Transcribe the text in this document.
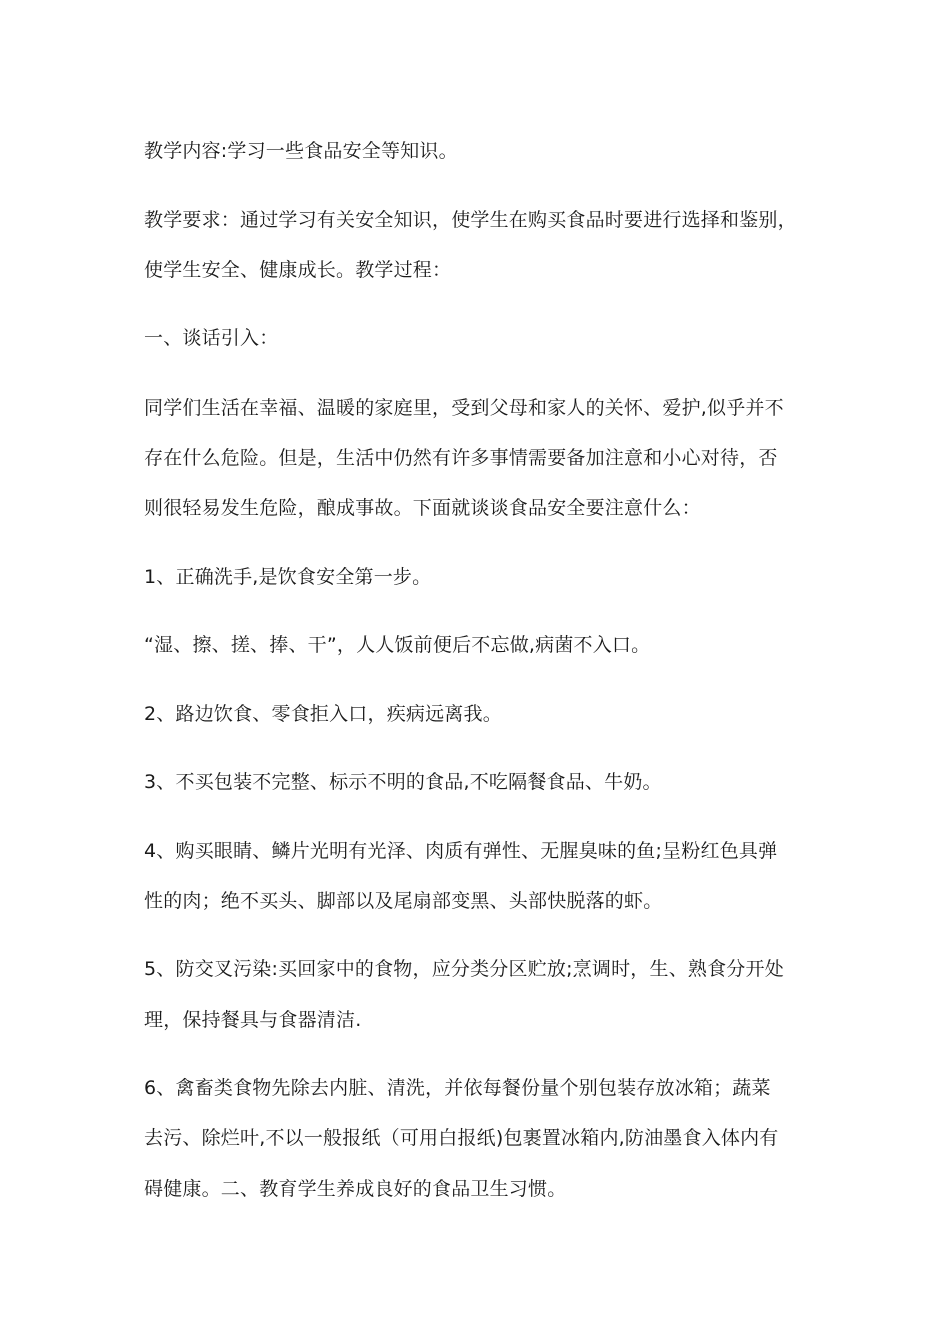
教学内容:学习一些食品安全等知识。
教学要求：通过学习有关安全知识，使学生在购买食品时要进行选择和鉴别，
使学生安全、健康成长。教学过程：
一、谈话引入：
同学们生活在幸福、温暖的家庭里，受到父母和家人的关怀、爱护,似乎并不
存在什么危险。但是，生活中仍然有许多事情需要备加注意和小心对待，否
则很轻易发生危险，酿成事故。下面就谈谈食品安全要注意什么：
1、正确洗手,是饮食安全第一步。
“湿、擦、搓、捧、干”，人人饭前便后不忘做,病菌不入口。
2、路边饮食、零食拒入口，疾病远离我。
3、不买包装不完整、标示不明的食品,不吃隔餐食品、牛奶。
4、购买眼睛、鳞片光明有光泽、肉质有弹性、无腥臭味的鱼;呈粉红色具弹
性的肉；绝不买头、脚部以及尾扇部变黑、头部快脱落的虾。
5、防交叉污染:买回家中的食物，应分类分区贮放;烹调时，生、熟食分开处
理，保持餐具与食器清洁.
6、禽畜类食物先除去内脏、清洗，并依每餐份量个别包装存放冰箱；蔬菜
去污、除烂叶,不以一般报纸（可用白报纸)包裹置冰箱内,防油墨食入体内有
碍健康。二、教育学生养成良好的食品卫生习惯。
